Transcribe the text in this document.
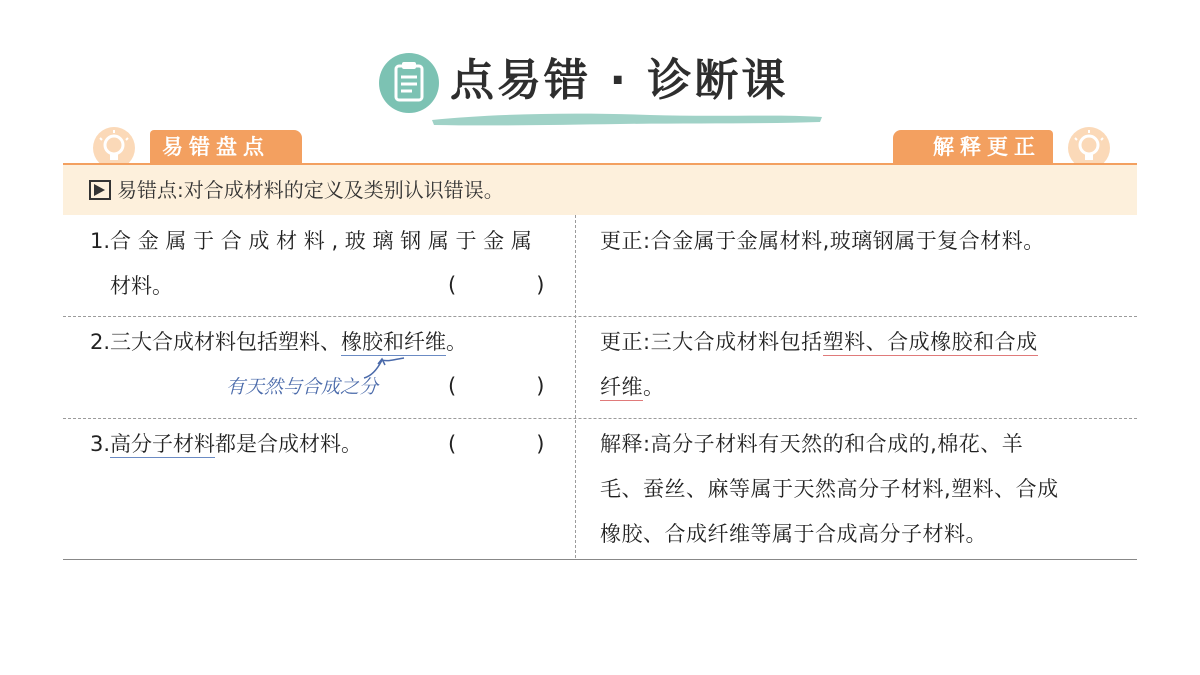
点易错 · 诊断课
易错盘点	解释更正
易错点:对合成材料的定义及类别认识错误。
1.合 金 属 于 合 成 材 料 , 玻 璃 钢 属 于 金 属
材料。	(            )
更正:合金属于金属材料,玻璃钢属于复合材料。
2.三大合成材料包括塑料、橡胶和纤维。
有天然与合成之分	(            )
更正:三大合成材料包括塑料、合成橡胶和合成
纤维。
3.高分子材料都是合成材料。	(            )	解释:高分子材料有天然的和合成的,棉花、羊
毛、蚕丝、麻等属于天然高分子材料,塑料、合成
橡胶、合成纤维等属于合成高分子材料。
